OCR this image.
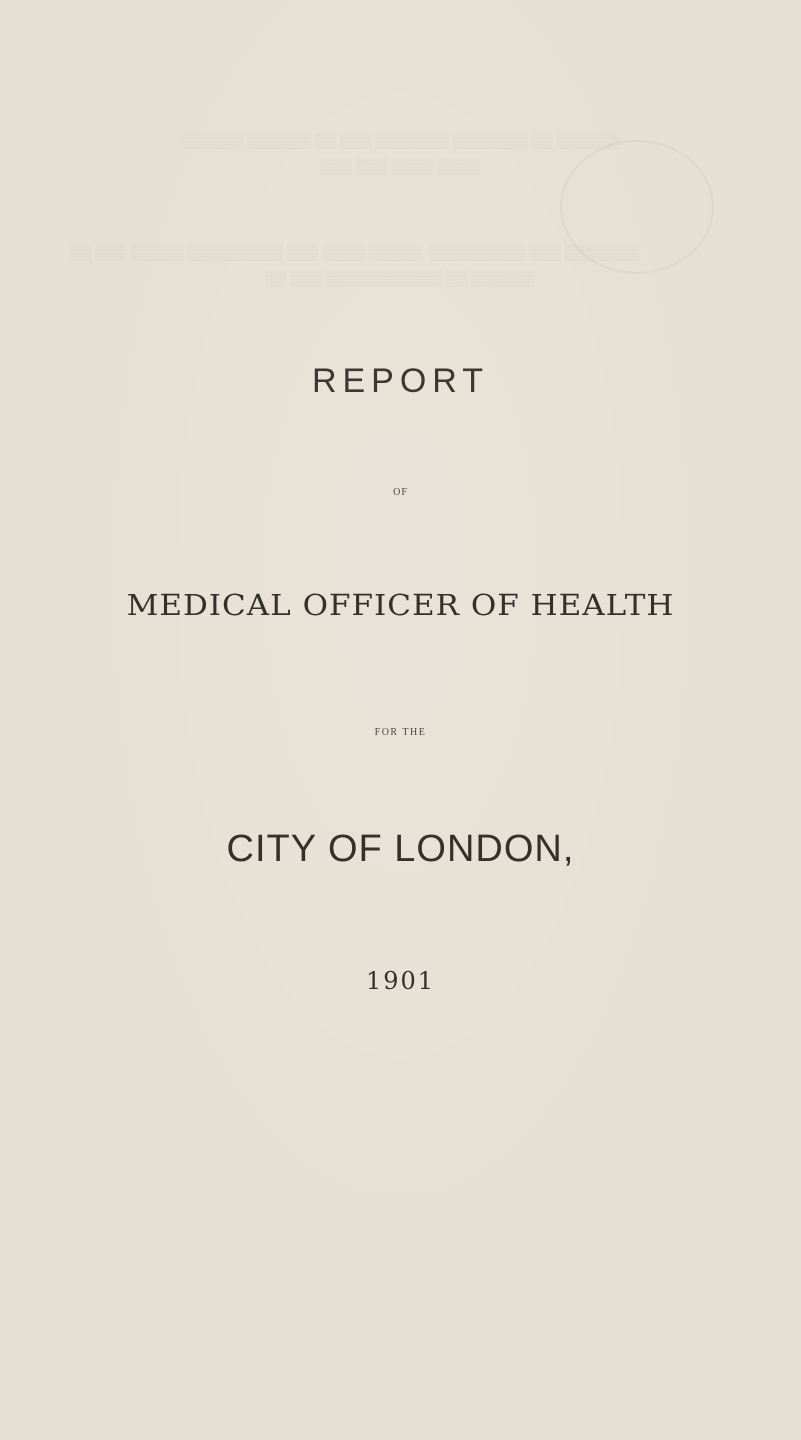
▒▒▒▒▒▒ ▒▒▒▒▒▒ ▒▒ ▒▒▒ ▒▒▒▒▒▒▒ ▒▒▒▒▒▒▒ ▒▒ ▒▒▒▒▒▒
▒▒▒ ▒▒▒ ▒▒▒▒ ▒▒▒▒
▒▒ ▒▒▒ ▒▒▒▒▒ ▒▒▒▒▒▒▒▒▒ ▒▒▒ ▒▒▒▒ ▒▒▒▒▒, ▒▒▒▒▒▒▒▒▒ ▒▒▒ ▒▒▒▒▒▒▒
▒▒ ▒▒▒ ▒▒▒▒▒▒▒▒▒▒▒ ▒▒ ▒▒▒▒▒▒
REPORT
OF
MEDICAL OFFICER OF HEALTH
FOR THE
CITY OF LONDON,
1901
